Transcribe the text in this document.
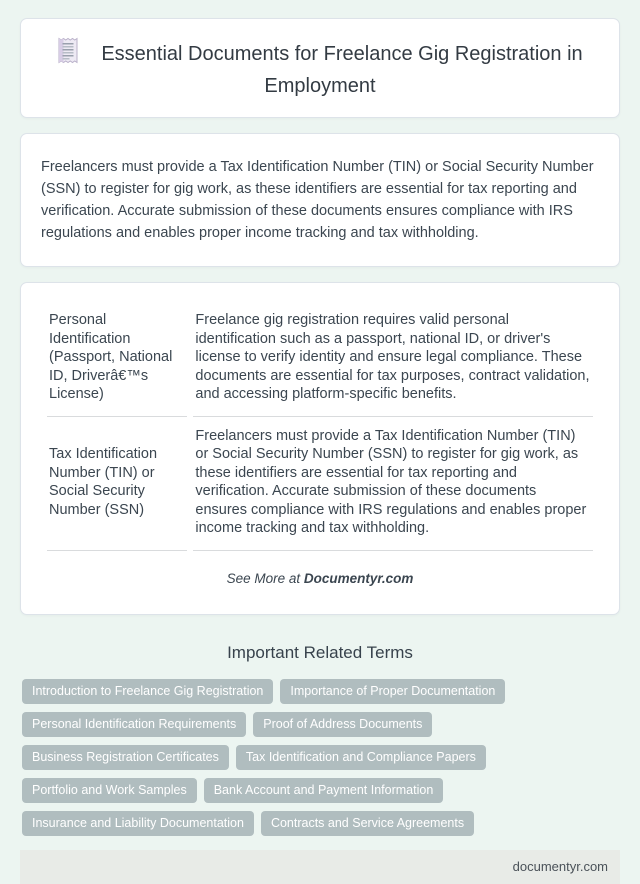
Essential Documents for Freelance Gig Registration in Employment

Freelancers must provide a Tax Identification Number (TIN) or Social Security Number (SSN) to register for gig work, as these identifiers are essential for tax reporting and verification. Accurate submission of these documents ensures compliance with IRS regulations and enables proper income tracking and tax withholding.

Personal Identification (Passport, National ID, Driverâ€™s License)	Freelance gig registration requires valid personal identification such as a passport, national ID, or driver's license to verify identity and ensure legal compliance. These documents are essential for tax purposes, contract validation, and accessing platform-specific benefits.
Tax Identification Number (TIN) or Social Security Number (SSN)	Freelancers must provide a Tax Identification Number (TIN) or Social Security Number (SSN) to register for gig work, as these identifiers are essential for tax reporting and verification. Accurate submission of these documents ensures compliance with IRS regulations and enables proper income tracking and tax withholding.
See More at Documentyr.com
Important Related Terms
Introduction to Freelance Gig Registration	Importance of Proper Documentation
Personal Identification Requirements	Proof of Address Documents
Business Registration Certificates	Tax Identification and Compliance Papers
Portfolio and Work Samples	Bank Account and Payment Information
Insurance and Liability Documentation	Contracts and Service Agreements
documentyr.com
